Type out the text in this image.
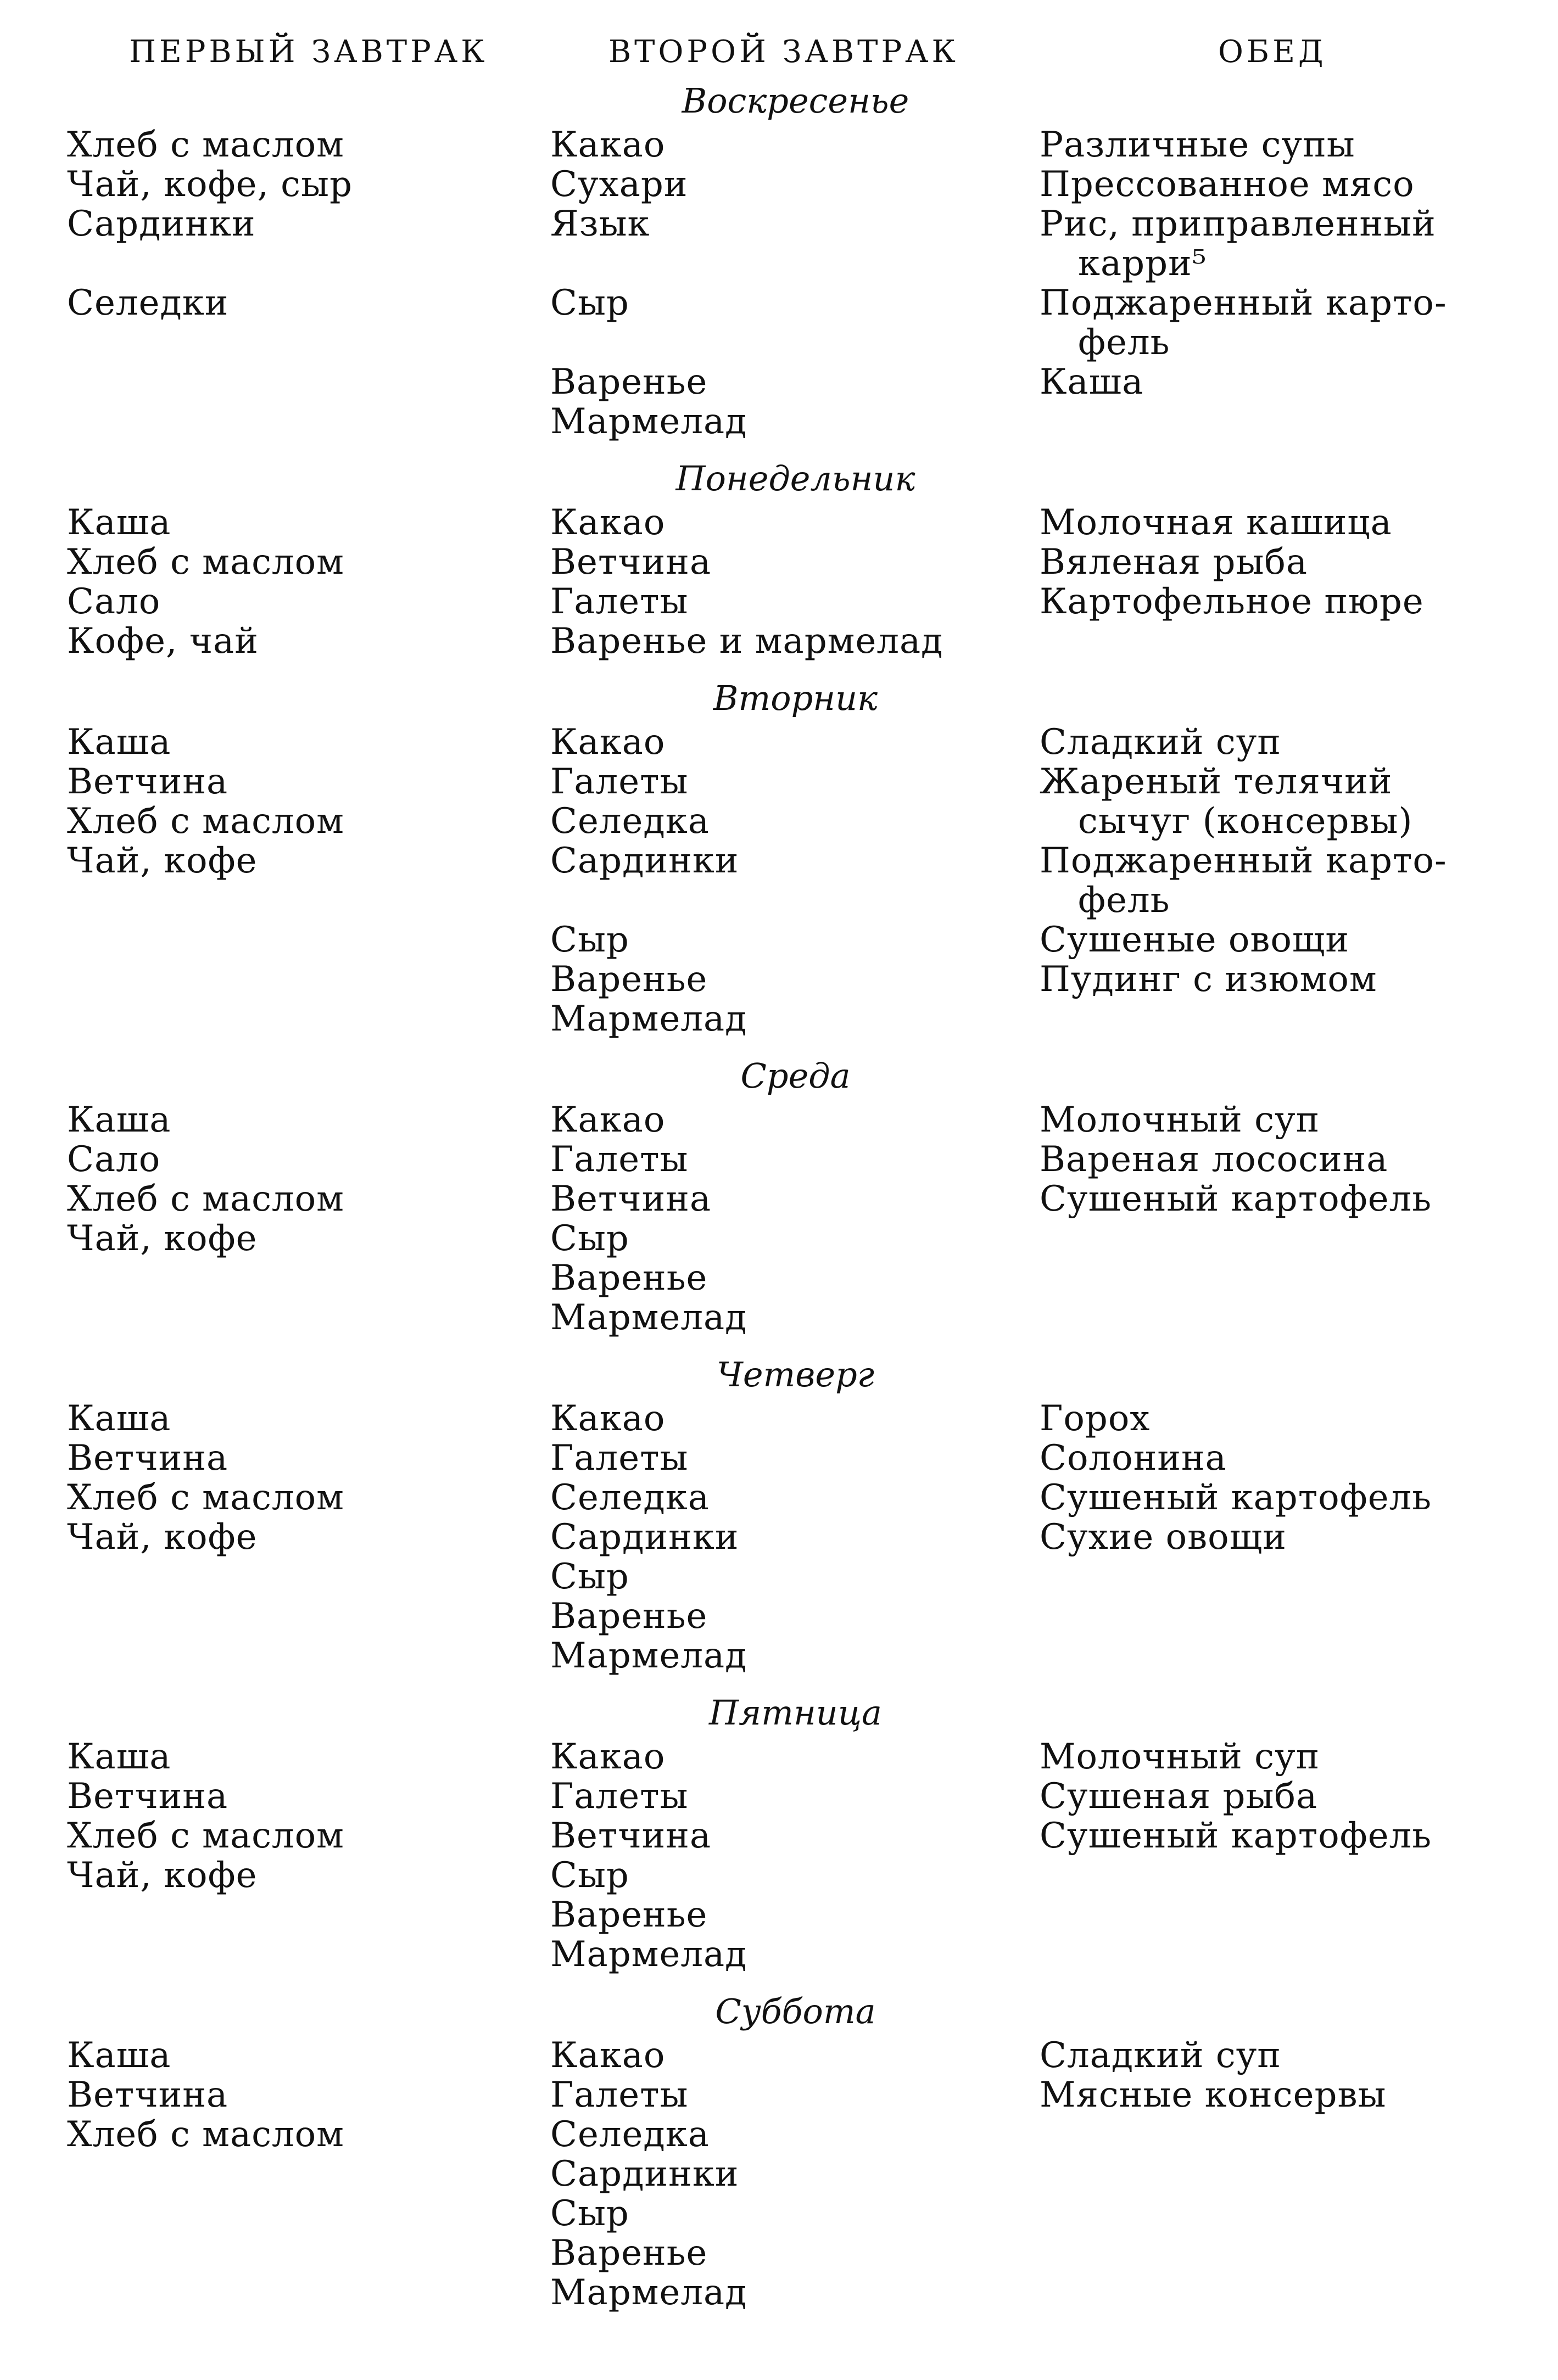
ПЕРВЫЙ ЗАВТРАК	ВТОРОЙ ЗАВТРАК	ОБЕД
Воскресенье
Хлеб с маслом
Чай, кофе, сыр
Сардинки
Селедки
Какао
Сухари
Язык
Сыр
Варенье
Мармелад
Различные супы
Прессованное мясо
Рис, приправленный
карри⁵
Поджаренный карто-
фель
Каша
Понедельник
Каша
Хлеб с маслом
Сало
Кофе, чай
Какао
Ветчина
Галеты
Варенье и мармелад
Молочная кашица
Вяленая рыба
Картофельное пюре
Вторник
Каша
Ветчина
Хлеб с маслом
Чай, кофе
Какао
Галеты
Селедка
Сардинки
Сыр
Варенье
Мармелад
Сладкий суп
Жареный телячий
сычуг (консервы)
Поджаренный карто-
фель
Сушеные овощи
Пудинг с изюмом
Среда
Каша
Сало
Хлеб с маслом
Чай, кофе
Какао
Галеты
Ветчина
Сыр
Варенье
Мармелад
Молочный суп
Вареная лососина
Сушеный картофель
Четверг
Каша
Ветчина
Хлеб с маслом
Чай, кофе
Какао
Галеты
Селедка
Сардинки
Сыр
Варенье
Мармелад
Горох
Солонина
Сушеный картофель
Сухие овощи
Пятница
Каша
Ветчина
Хлеб с маслом
Чай, кофе
Какао
Галеты
Ветчина
Сыр
Варенье
Мармелад
Молочный суп
Сушеная рыба
Сушеный картофель
Суббота
Каша
Ветчина
Хлеб с маслом
Какао
Галеты
Селедка
Сардинки
Сыр
Варенье
Мармелад
Сладкий суп
Мясные консервы
